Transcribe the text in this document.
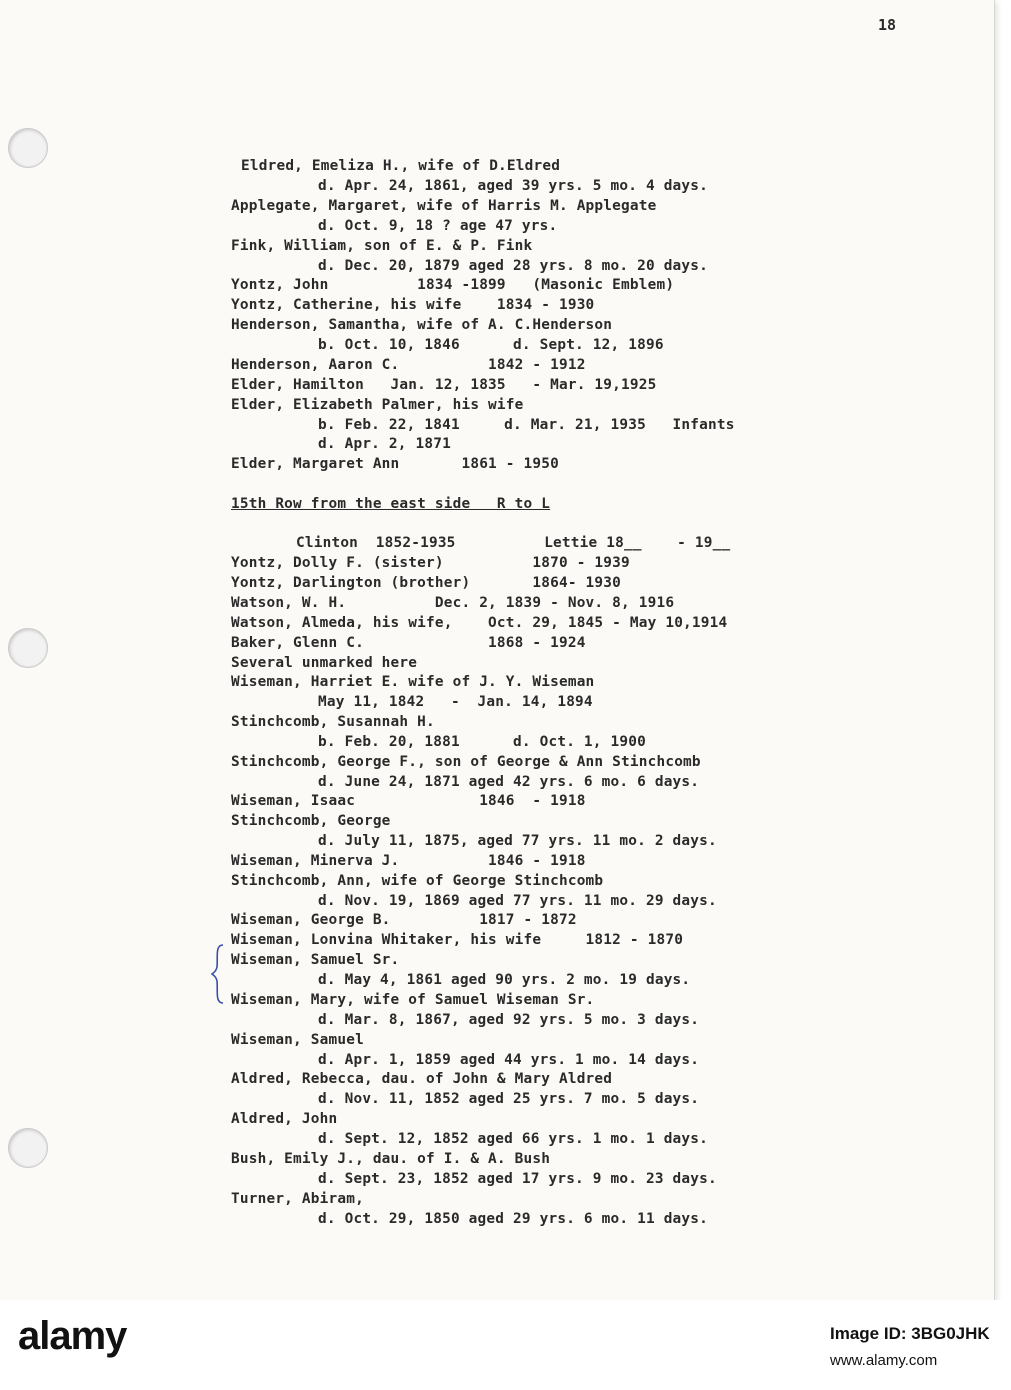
18
Eldred, Emeliza H., wife of D.Eldred
d. Apr. 24, 1861, aged 39 yrs. 5 mo. 4 days.
Applegate, Margaret, wife of Harris M. Applegate
d. Oct. 9, 18 ? age 47 yrs.
Fink, William, son of E. & P. Fink
d. Dec. 20, 1879 aged 28 yrs. 8 mo. 20 days.
Yontz, John          1834 -1899   (Masonic Emblem)
Yontz, Catherine, his wife    1834 - 1930
Henderson, Samantha, wife of A. C.Henderson
b. Oct. 10, 1846      d. Sept. 12, 1896
Henderson, Aaron C.          1842 - 1912
Elder, Hamilton   Jan. 12, 1835   - Mar. 19,1925
Elder, Elizabeth Palmer, his wife
b. Feb. 22, 1841     d. Mar. 21, 1935   Infants
d. Apr. 2, 1871
Elder, Margaret Ann       1861 - 1950
15th Row from the east side   R to L
Clinton  1852-1935          Lettie 18__    - 19__
Yontz, Dolly F. (sister)          1870 - 1939
Yontz, Darlington (brother)       1864- 1930
Watson, W. H.          Dec. 2, 1839 - Nov. 8, 1916
Watson, Almeda, his wife,    Oct. 29, 1845 - May 10,1914
Baker, Glenn C.              1868 - 1924
Several unmarked here
Wiseman, Harriet E. wife of J. Y. Wiseman
May 11, 1842   -  Jan. 14, 1894
Stinchcomb, Susannah H.
b. Feb. 20, 1881      d. Oct. 1, 1900
Stinchcomb, George F., son of George & Ann Stinchcomb
d. June 24, 1871 aged 42 yrs. 6 mo. 6 days.
Wiseman, Isaac              1846  - 1918
Stinchcomb, George
d. July 11, 1875, aged 77 yrs. 11 mo. 2 days.
Wiseman, Minerva J.          1846 - 1918
Stinchcomb, Ann, wife of George Stinchcomb
d. Nov. 19, 1869 aged 77 yrs. 11 mo. 29 days.
Wiseman, George B.          1817 - 1872
Wiseman, Lonvina Whitaker, his wife     1812 - 1870
Wiseman, Samuel Sr.
d. May 4, 1861 aged 90 yrs. 2 mo. 19 days.
Wiseman, Mary, wife of Samuel Wiseman Sr.
d. Mar. 8, 1867, aged 92 yrs. 5 mo. 3 days.
Wiseman, Samuel
d. Apr. 1, 1859 aged 44 yrs. 1 mo. 14 days.
Aldred, Rebecca, dau. of John & Mary Aldred
d. Nov. 11, 1852 aged 25 yrs. 7 mo. 5 days.
Aldred, John
d. Sept. 12, 1852 aged 66 yrs. 1 mo. 1 days.
Bush, Emily J., dau. of I. & A. Bush
d. Sept. 23, 1852 aged 17 yrs. 9 mo. 23 days.
Turner, Abiram,
d. Oct. 29, 1850 aged 29 yrs. 6 mo. 11 days.
alamy	Image ID: 3BG0JHK
www.alamy.com
